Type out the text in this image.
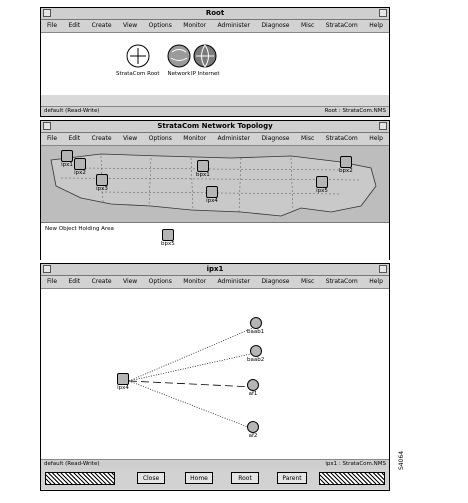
Root
File Edit Create View Options Monitor Administer Diagnose Misc StrataCom Help
StrataCom Root Network IP Internet
default (Read-Write)	Root : StrataCom.NMS
StrataCom Network Topology
File Edit Create View Options Monitor Administer Diagnose Misc StrataCom Help
ipx1
ipx2
ipx3
bpx1
ipx4
ipx5
bpx2
New Object Holding Area
bpx5
ipx1
File Edit Create View Options Monitor Administer Diagnose Misc StrataCom Help
ipx4
baab1
baab2
af1
af2
default (Read-Write)	ipx1 : StrataCom.NMS
Close	Home	Root	Parent
S4064
